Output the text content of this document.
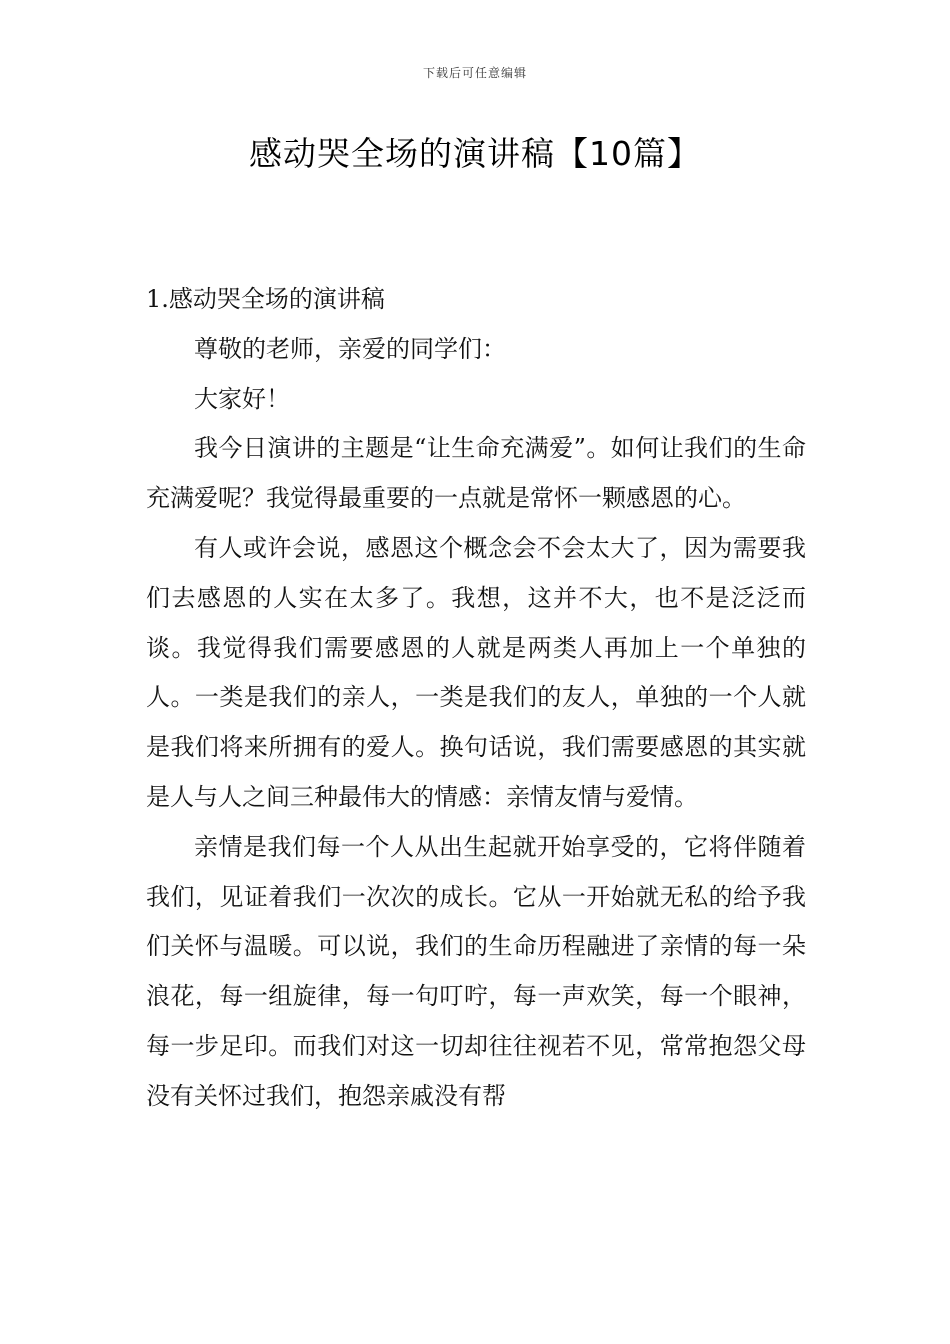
下载后可任意编辑
感动哭全场的演讲稿【10篇】

1.感动哭全场的演讲稿

尊敬的老师，亲爱的同学们：

大家好！

我今日演讲的主题是“让生命充满爱”。如何让我们的生命充满爱呢？我觉得最重要的一点就是常怀一颗感恩的心。

有人或许会说，感恩这个概念会不会太大了，因为需要我们去感恩的人实在太多了。我想，这并不大，也不是泛泛而谈。我觉得我们需要感恩的人就是两类人再加上一个单独的人。一类是我们的亲人，一类是我们的友人，单独的一个人就是我们将来所拥有的爱人。换句话说，我们需要感恩的其实就是人与人之间三种最伟大的情感：亲情友情与爱情。

亲情是我们每一个人从出生起就开始享受的，它将伴随着我们，见证着我们一次次的成长。它从一开始就无私的给予我们关怀与温暖。可以说，我们的生命历程融进了亲情的每一朵浪花，每一组旋律，每一句叮咛，每一声欢笑，每一个眼神，每一步足印。而我们对这一切却往往视若不见，常常抱怨父母没有关怀过我们，抱怨亲戚没有帮
